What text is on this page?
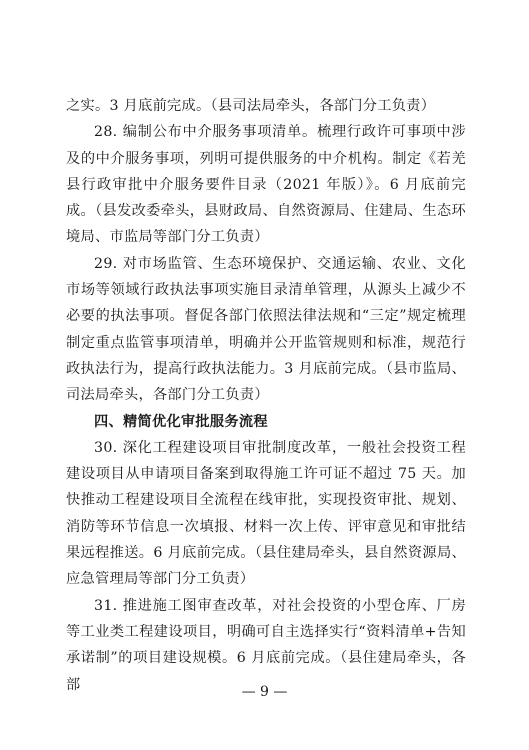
之实。3 月底前完成。（县司法局牵头，各部门分工负责）

28. 编制公布中介服务事项清单。梳理行政许可事项中涉及的中介服务事项，列明可提供服务的中介机构。制定《若羌县行政审批中介服务要件目录（2021 年版）》。6 月底前完成。（县发改委牵头，县财政局、自然资源局、住建局、生态环境局、市监局等部门分工负责）

29. 对市场监管、生态环境保护、交通运输、农业、文化市场等领域行政执法事项实施目录清单管理，从源头上减少不必要的执法事项。督促各部门依照法律法规和“三定”规定梳理制定重点监管事项清单，明确并公开监管规则和标准，规范行政执法行为，提高行政执法能力。3 月底前完成。（县市监局、司法局牵头，各部门分工负责）

四、精简优化审批服务流程

30. 深化工程建设项目审批制度改革，一般社会投资工程建设项目从申请项目备案到取得施工许可证不超过 75 天。加快推动工程建设项目全流程在线审批，实现投资审批、规划、消防等环节信息一次填报、材料一次上传、评审意见和审批结果远程推送。6 月底前完成。（县住建局牵头，县自然资源局、应急管理局等部门分工负责）

31. 推进施工图审查改革，对社会投资的小型仓库、厂房等工业类工程建设项目，明确可自主选择实行“资料清单+告知承诺制”的项目建设规模。6 月底前完成。（县住建局牵头，各部	— 9 —
